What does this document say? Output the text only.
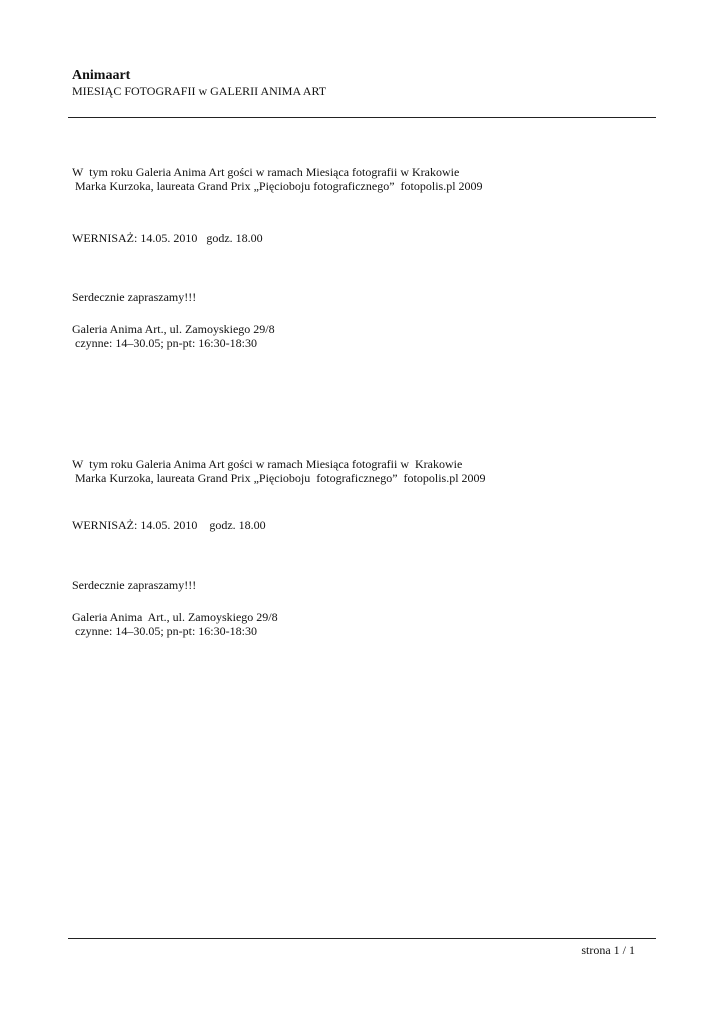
Animaart

MIESIĄC FOTOGRAFII w GALERII ANIMA ART

W  tym roku Galeria Anima Art gości w ramach Miesiąca fotografii w Krakowie
Marka Kurzoka, laureata Grand Prix „Pięcioboju fotograficznego”  fotopolis.pl 2009
WERNISAŻ: 14.05. 2010   godz. 18.00
Serdecznie zapraszamy!!!
Galeria Anima Art., ul. Zamoyskiego 29/8
czynne: 14–30.05; pn-pt: 16:30-18:30
W  tym roku Galeria Anima Art gości w ramach Miesiąca fotografii w  Krakowie
Marka Kurzoka, laureata Grand Prix „Pięcioboju  fotograficznego”  fotopolis.pl 2009
WERNISAŻ: 14.05. 2010    godz. 18.00
Serdecznie zapraszamy!!!
Galeria Anima  Art., ul. Zamoyskiego 29/8
czynne: 14–30.05; pn-pt: 16:30-18:30
strona 1 / 1
